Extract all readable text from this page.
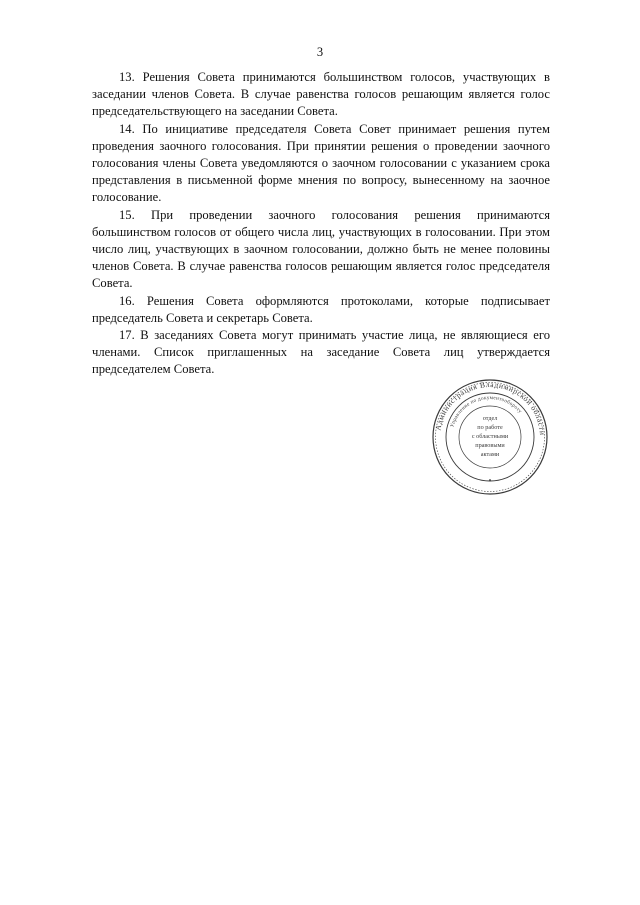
3

13. Решения Совета принимаются большинством голосов, участвующих в заседании членов Совета. В случае равенства голосов решающим является голос председательствующего на заседании Совета.

14. По инициативе председателя Совета Совет принимает решения путем проведения заочного голосования. При принятии решения о проведении заочного голосования члены Совета уведомляются о заочном голосовании с указанием срока представления в письменной форме мнения по вопросу, вынесенному на заочное голосование.

15. При проведении заочного голосования решения принимаются большинством голосов от общего числа лиц, участвующих в голосовании. При этом число лиц, участвующих в заочном голосовании, должно быть не менее половины членов Совета. В случае равенства голосов решающим является голос председателя Совета.

16. Решения Совета оформляются протоколами, которые подписывает председатель Совета и секретарь Совета.

17. В заседаниях Совета могут принимать участие лица, не являющиеся его членами. Список приглашенных на заседание Совета лиц утверждается председателем Совета.

Администрация Владимирской области
Управление по документообороту
отдел
по работе
с областными
правовыми
актами
